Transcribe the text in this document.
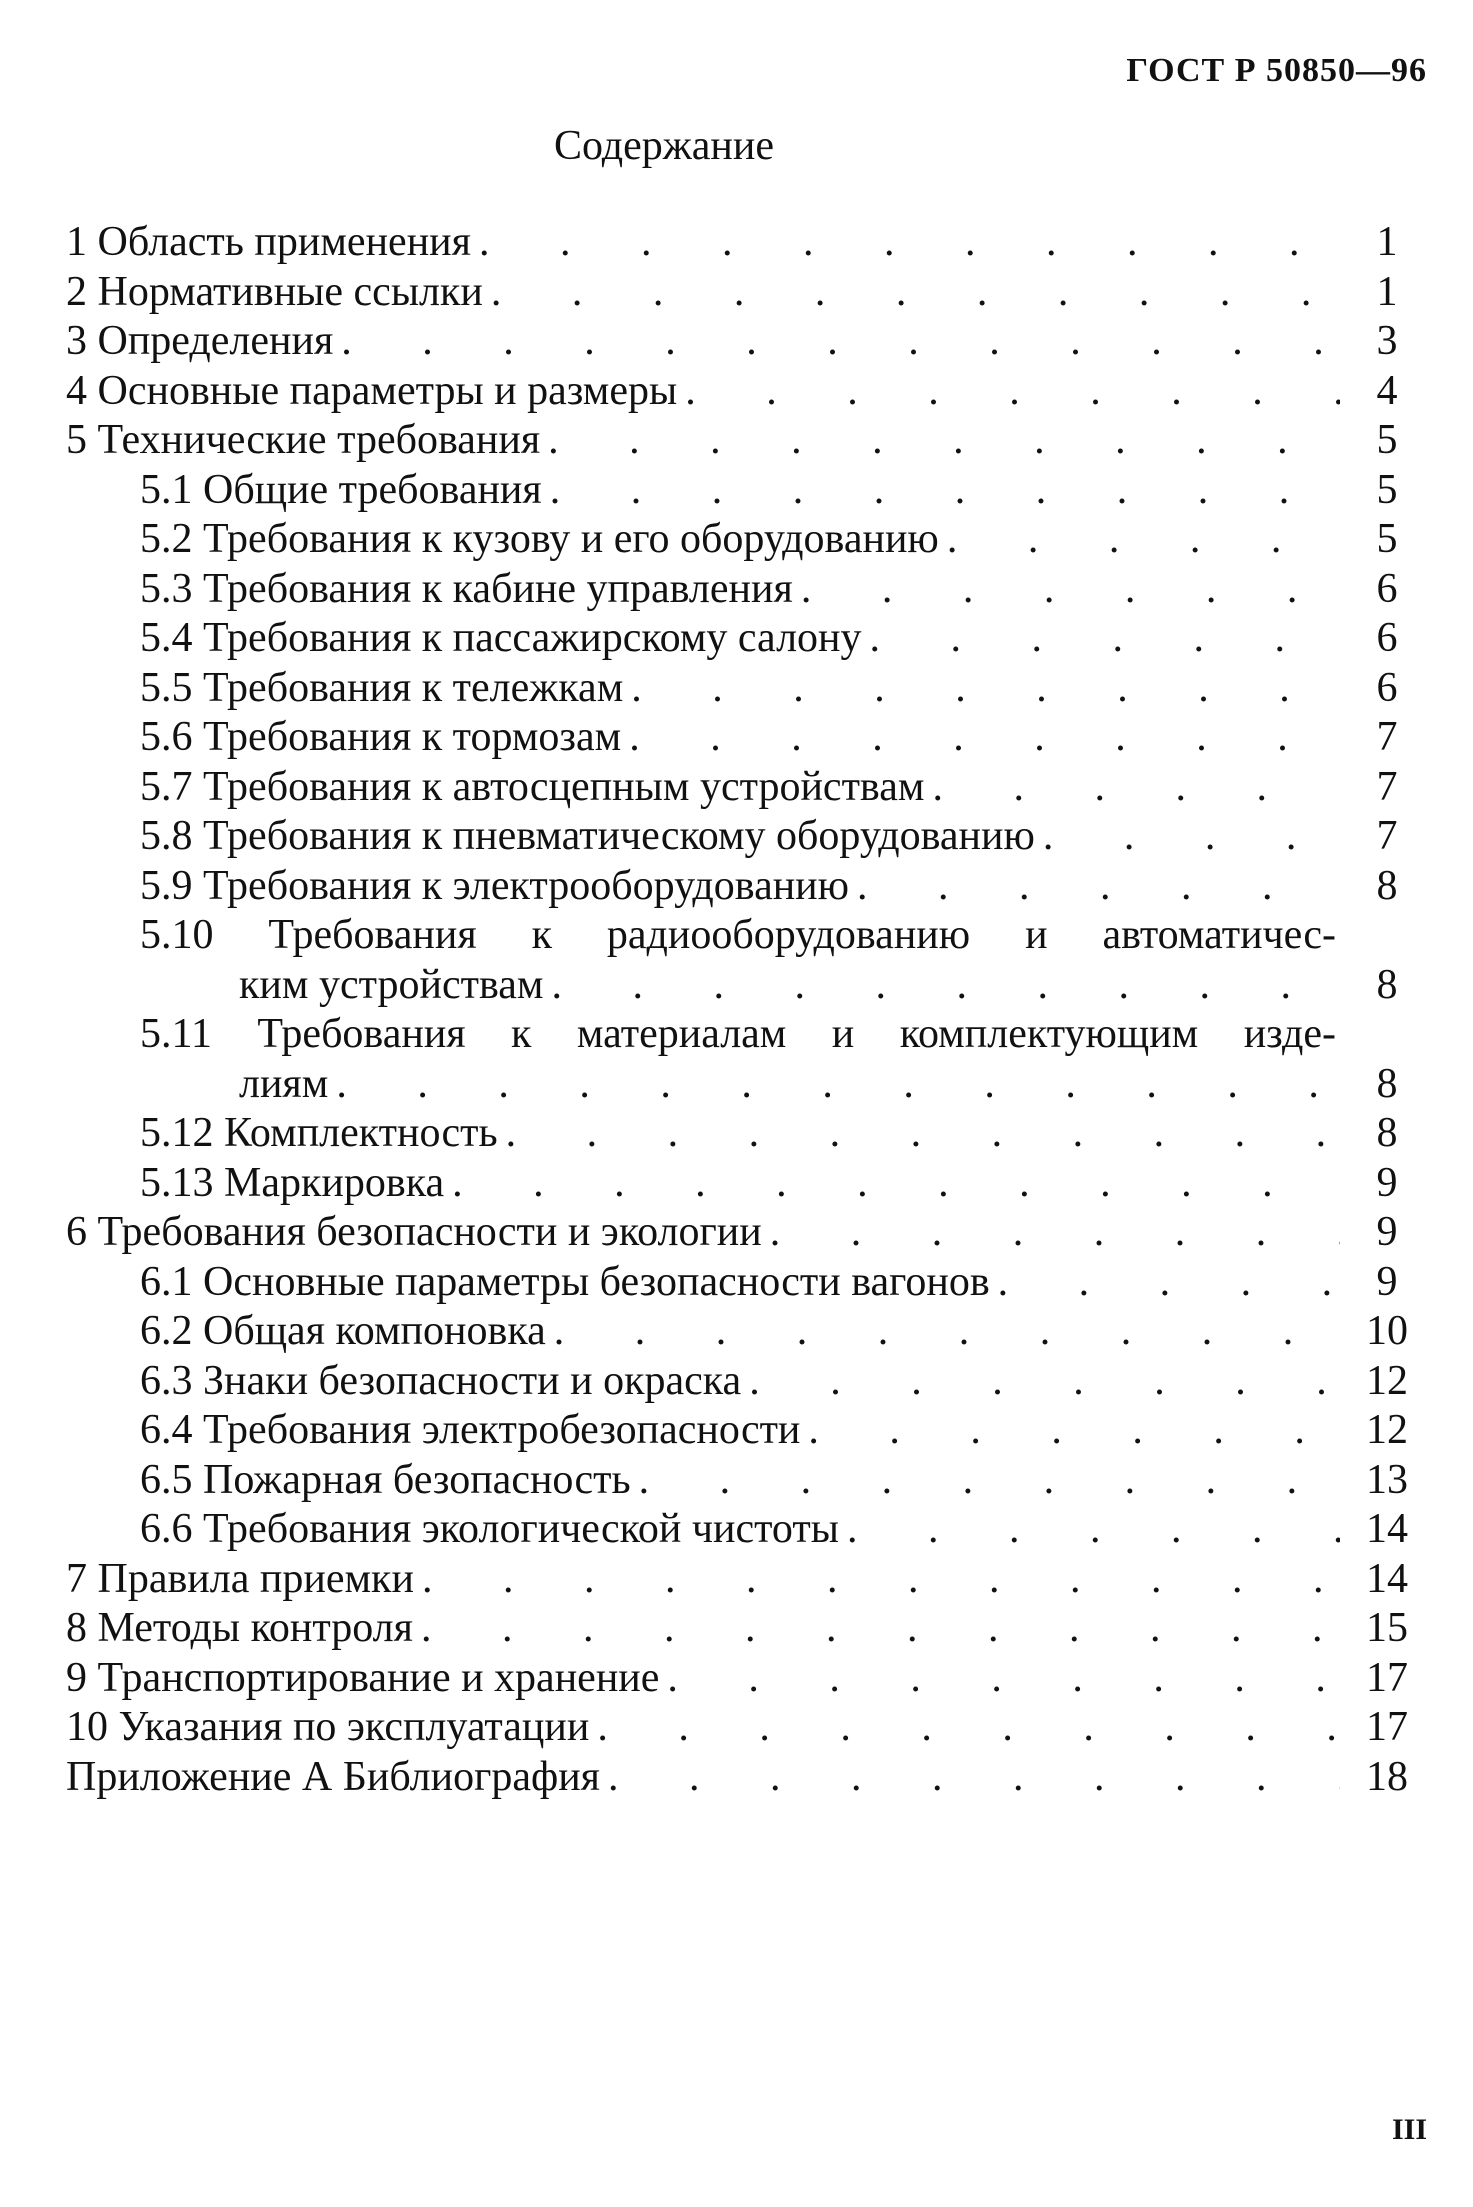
ГОСТ Р 50850—96
Содержание
1 Область применения . . .	1
2 Нормативные ссылки . . .	1
3 Определения . . .	3
4 Основные параметры и размеры . . .	4
5 Технические требования . . .	5
5.1 Общие требования . . .	5
5.2 Требования к кузову и его оборудованию . . .	5
5.3 Требования к кабине управления . . .	6
5.4 Требования к пассажирскому салону . . .	6
5.5 Требования к тележкам . . .	6
5.6 Требования к тормозам . . .	7
5.7 Требования к автосцепным устройствам . . .	7
5.8 Требования к пневматическому оборудованию . . .	7
5.9 Требования к электрооборудованию . . .	8
5.10 Требования к радиооборудованию и автоматичес-
ким устройствам . . .	8
5.11 Требования к материалам и комплектующим изде-
лиям . . .	8
5.12 Комплектность . . .	8
5.13 Маркировка . . .	9
6 Требования безопасности и экологии . . .	9
6.1 Основные параметры безопасности вагонов . . .	9
6.2 Общая компоновка . . .	10
6.3 Знаки безопасности и окраска . . .	12
6.4 Требования электробезопасности . . .	12
6.5 Пожарная безопасность . . .	13
6.6 Требования экологической чистоты . . .	14
7 Правила приемки . . .	14
8 Методы контроля . . .	15
9 Транспортирование и хранение . . .	17
10 Указания по эксплуатации . . .	17
Приложение А Библиография . . .	18
III
